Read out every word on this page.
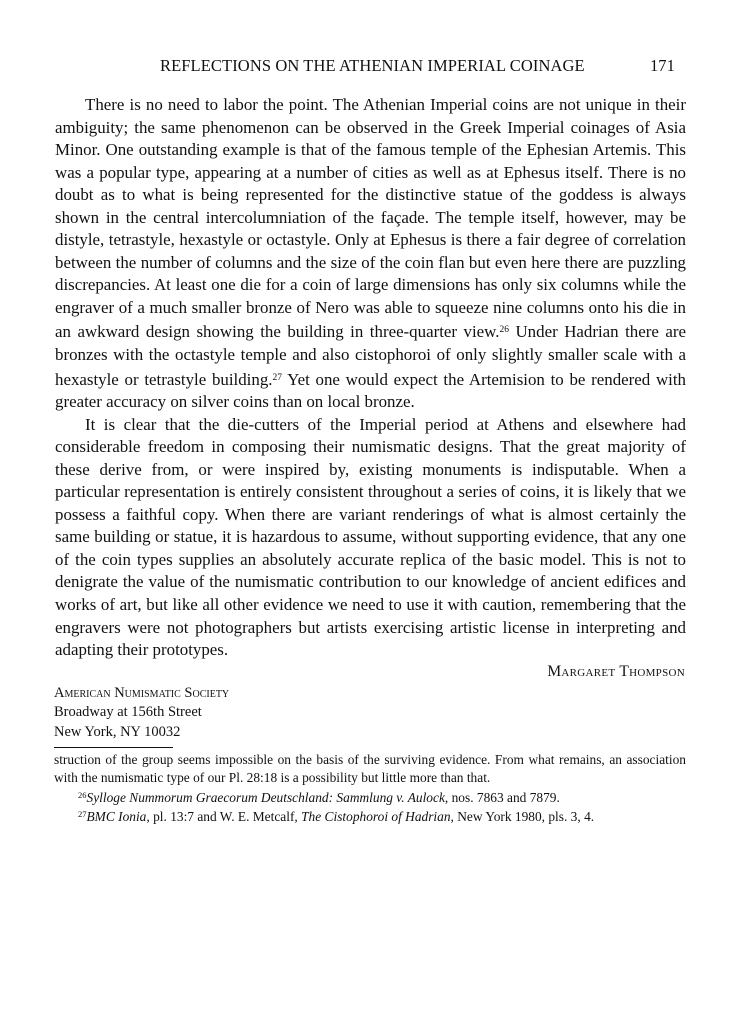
REFLECTIONS ON THE ATHENIAN IMPERIAL COINAGE	171

There is no need to labor the point. The Athenian Imperial coins are not unique in their ambiguity; the same phenomenon can be observed in the Greek Imperial coinages of Asia Minor. One outstanding example is that of the famous temple of the Ephesian Artemis. This was a popular type, appearing at a number of cities as well as at Ephesus itself. There is no doubt as to what is being represented for the distinctive statue of the goddess is always shown in the central intercolumniation of the façade. The temple itself, however, may be distyle, tetrastyle, hexastyle or octastyle. Only at Ephesus is there a fair degree of correlation between the number of columns and the size of the coin flan but even here there are puzzling discrepancies. At least one die for a coin of large dimensions has only six columns while the engraver of a much smaller bronze of Nero was able to squeeze nine columns onto his die in an awkward design showing the building in three-quarter view.$^{26}$ Under Hadrian there are bronzes with the octastyle temple and also cistophoroi of only slightly smaller scale with a hexastyle or tetrastyle building.$^{27}$ Yet one would expect the Artemision to be rendered with greater accuracy on silver coins than on local bronze.

It is clear that the die-cutters of the Imperial period at Athens and elsewhere had considerable freedom in composing their numismatic designs. That the great majority of these derive from, or were inspired by, existing monuments is indisputable. When a particular representation is entirely consistent throughout a series of coins, it is likely that we possess a faithful copy. When there are variant renderings of what is almost certainly the same building or statue, it is hazardous to assume, without supporting evidence, that any one of the coin types supplies an absolutely accurate replica of the basic model. This is not to denigrate the value of the numismatic contribution to our knowledge of ancient edifices and works of art, but like all other evidence we need to use it with caution, remembering that the engravers were not photographers but artists exercising artistic license in interpreting and adapting their prototypes.

Margaret Thompson
American Numismatic Society
Broadway at 156th Street
New York, NY 10032
struction of the group seems impossible on the basis of the surviving evidence. From what remains, an association with the numismatic type of our Pl. 28:18 is a possibility but little more than that.
$^{26}$Sylloge Nummorum Graecorum Deutschland: Sammlung v. Aulock, nos. 7863 and 7879.
$^{27}$BMC Ionia, pl. 13:7 and W. E. Metcalf, The Cistophoroi of Hadrian, New York 1980, pls. 3, 4.
